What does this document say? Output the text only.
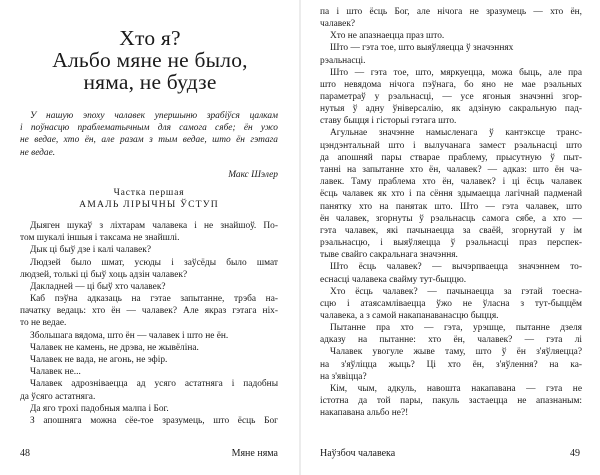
Хто я?
Альбо мяне не было,
няма, не будзе
У нашую эпоху чалавек упершыню зрабіўся цалкам
і поўнасцю праблематычным для самога сябе; ён ужо
не ведае, хто ён, але разам з тым ведае, што ён гэтага
не ведае.
Макс Шэлер
Частка першая
АМАЛЬ ЛІРЫЧНЫ ЎСТУП
Дыяген шукаў з ліхтарам чалавека і не знайшоў. По-
том шукалі іншыя і таксама не знайшлі.
Дык ці быў дзе і калі чалавек?
Людзей было шмат, усюды і заўсёды было шмат
людзей, толькі ці быў хоць адзін чалавек?
Дакладней — ці быў хто чалавек?
Каб пэўна адказаць на гэтае запытанне, трэба на-
пачатку ведаць: хто ён — чалавек? Але якраз гэтага ніх-
то не ведае.
Збольшага вядома, што ён — чалавек і што не ён.
Чалавек не камень, не дрэва, не жывёліна.
Чалавек не вада, не агонь, не эфір.
Чалавек не...
Чалавек адрозніваецца ад усяго астатняга і падобны
да ўсяго астатняга.
Да яго трохі падобныя малпа і Бог.
З апошняга можна сёе-тое зразумець, што ёсць Бог
48	Мяне няма	Наўзбоч чалавека	49
па і што ёсць Бог, але нічога не зразумець — хто ён,
чалавек?
Хто не апазнаецца праз што.
Што — гэта тое, што выяўляецца ў значэннях
рэальнасці.
Што — гэта тое, што, мяркуецца, можа быць, але пра
што невядома нічога пэўнага, бо яно не мае рэальных
параметраў у рэальнасці, — усе ягоныя значэнні згор-
нутыя ў адну ўніверсалію, як адзіную сакральную пад-
ставу быцця і гісторыі гэтага што.
Агульнае значэнне намысленага ў кантэксце транс-
цэндэнтальнай што і вылучанага замест рэальнасці што
да апошняй пары стварае праблему, прысутную ў пыт-
танні на запытанне хто ён, чалавек? — адказ: што ён ча-
лавек. Таму праблема хто ён, чалавек? і ці ёсць чалавек
ёсць чалавек як хто і па сёння здымаецца лагічнай падменай
панятку хто на панятак што. Што — гэта чалавек, што
ён чалавек, згорнуты ў рэальнасць самога сябе, а хто —
гэта чалавек, які пачынаецца за сваёй, згорнутай у ім
рэальнасцю, і выяўляецца ў рэальнасці праз перспек-
тыве свайго сакральнага значэння.
Што ёсць чалавек? — вычэрпваецца значэннем то-
еснасці чалавека свайму тут-быццю.
Хто ёсць чалавек? — пачынаецца за гэтай тоесна-
сцю і атаясамліваецца ўжо не ўласна з тут-быццём
чалавека, а з самой накапанаванасцю быцця.
Пытанне пра хто — гэта, урэшце, пытанне дзеля
адказу на пытанне: хто ён, чалавек? — гэта лі
Чалавек увогуле жыве таму, што ў ён з'яўляецца?
на з'яўліцца жыць? Ці хто ён, з'яўлення? на ка-
на з'явіцца?
Кім, чым, адкуль, навошта накапавана — гэта не
істотна да той пары, пакуль застаецца не апазнаным:
накапавана альбо не?!
